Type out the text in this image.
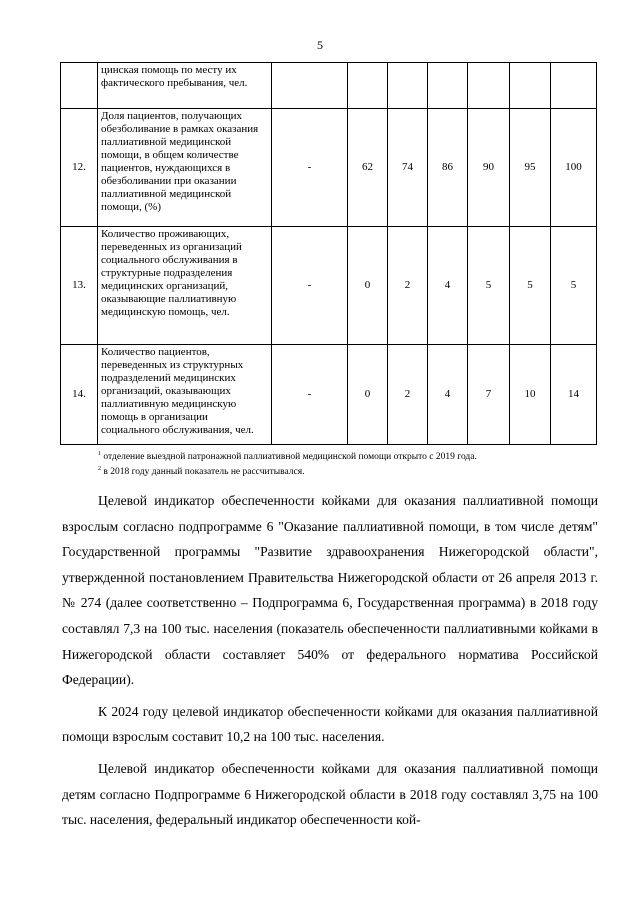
5
	цинская помощь по месту их фактического пребывания, чел.							
12.	Доля пациентов, получающих обезболивание в рамках оказания паллиативной медицинской помощи, в общем количестве пациентов, нуждающихся в обезболивании при оказании паллиативной медицинской помощи, (%)	-	62	74	86	90	95	100
13.	Количество проживающих, переведенных из организаций социального обслуживания в структурные подразделения медицинских организаций, оказывающие паллиативную медицинскую помощь, чел.	-	0	2	4	5	5	5
14.	Количество пациентов, переведенных из структурных подразделений медицинских организаций, оказывающих паллиативную медицинскую помощь в организации социального обслуживания, чел.	-	0	2	4	7	10	14
$^1$ отделение выездной патронажной паллиативной медицинской помощи открыто с 2019 года.
$^2$ в 2018 году данный показатель не рассчитывался.

Целевой индикатор обеспеченности койками для оказания паллиативной помощи взрослым согласно подпрограмме 6 "Оказание паллиативной помощи, в том числе детям" Государственной программы "Развитие здравоохранения Нижегородской области", утвержденной постановлением Правительства Нижегородской области от 26 апреля 2013 г. № 274 (далее соответственно – Подпрограмма 6, Государственная программа) в 2018 году составлял 7,3 на 100 тыс. населения (показатель обеспеченности паллиативными койками в Нижегородской области составляет 540% от федерального норматива Российской Федерации).

К 2024 году целевой индикатор обеспеченности койками для оказания паллиативной помощи взрослым составит 10,2 на 100 тыс. населения.

Целевой индикатор обеспеченности койками для оказания паллиативной помощи детям согласно Подпрограмме 6 Нижегородской области в 2018 году составлял 3,75 на 100 тыс. населения, федеральный индикатор обеспеченности кой-
